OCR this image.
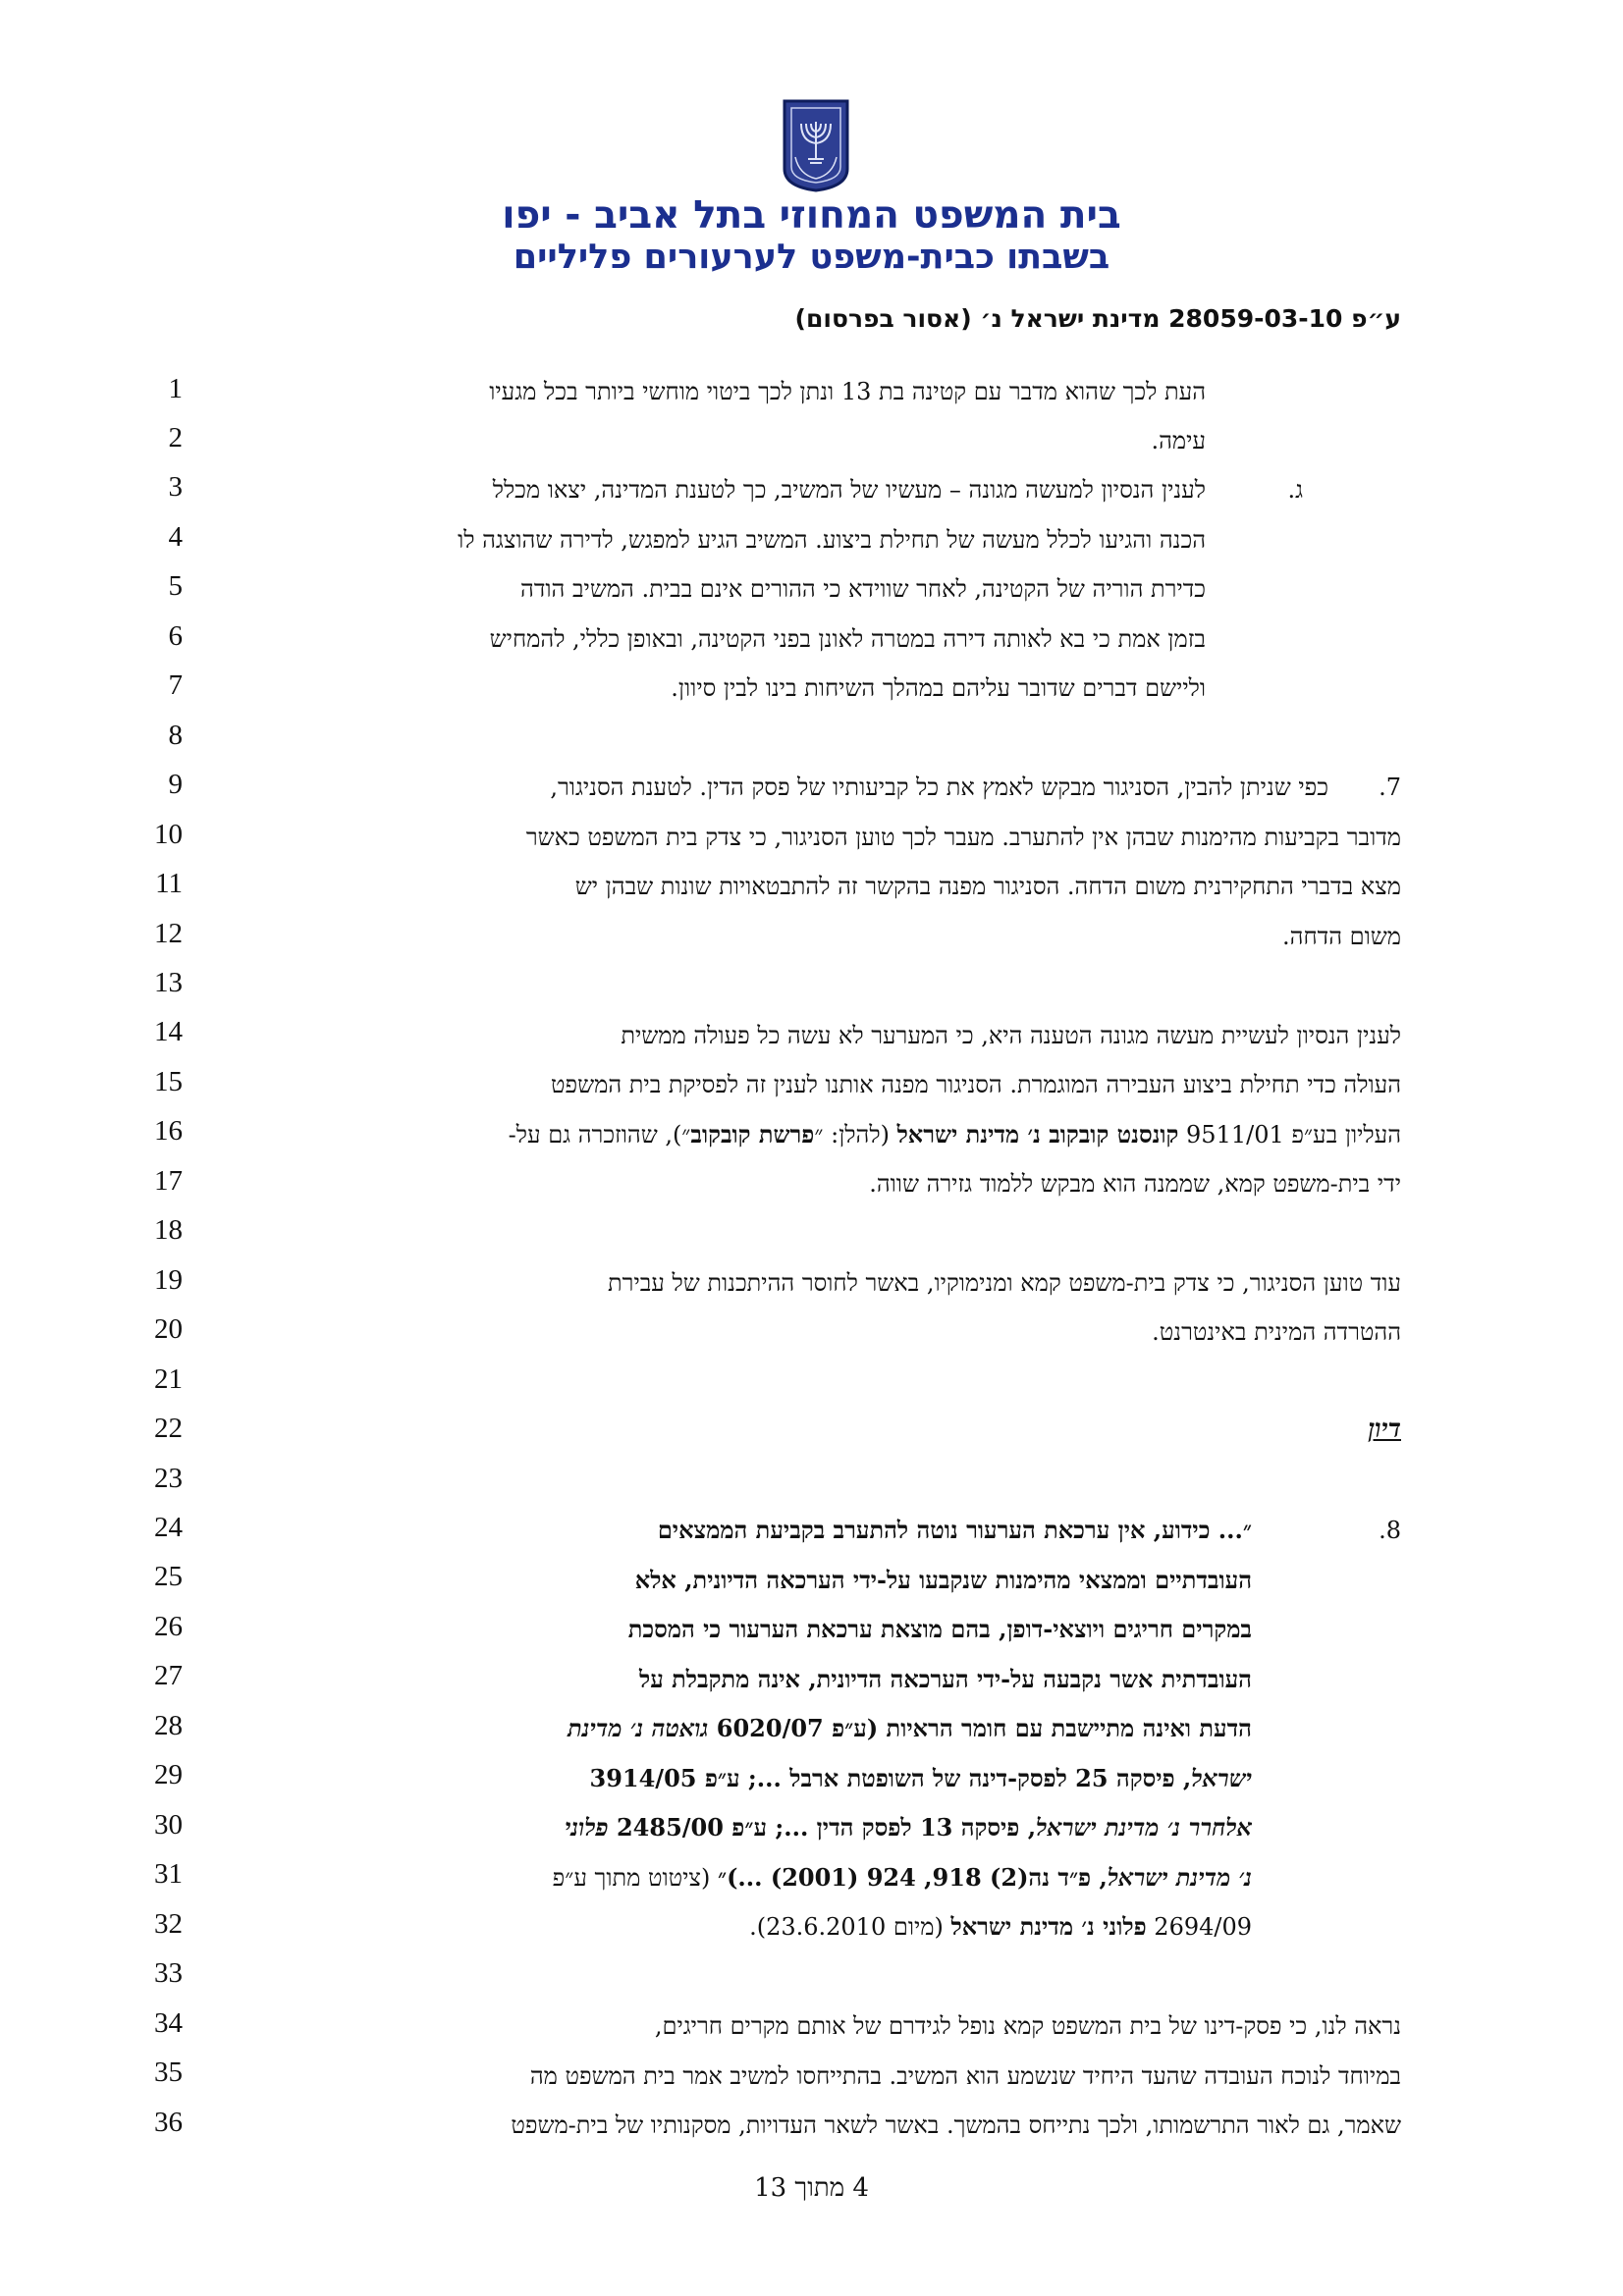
בית המשפט המחוזי בתל אביב - יפו
בשבתו כבית-משפט לערעורים פליליים
ע״פ 28059-03-10 מדינת ישראל נ׳ (אסור בפרסום)
1
2
3
4
5
6
7
8
9
10
11
12
13
14
15
16
17
18
19
20
21
22
23
24
25
26
27
28
29
30
31
32
33
34
35
36
ג.
7.
8.
העת לכך שהוא מדבר עם קטינה בת 13 ונתן לכך ביטוי מוחשי ביותר בכל מגעיו
עימה.
לענין הנסיון למעשה מגונה – מעשיו של המשיב, כך לטענת המדינה, יצאו מכלל
הכנה והגיעו לכלל מעשה של תחילת ביצוע. המשיב הגיע למפגש, לדירה שהוצגה לו
כדירת הוריה של הקטינה, לאחר שווידא כי ההורים אינם בבית. המשיב הודה
בזמן אמת כי בא לאותה דירה במטרה לאונן בפני הקטינה, ובאופן כללי, להמחיש
וליישם דברים שדובר עליהם במהלך השיחות בינו לבין סיוון.
כפי שניתן להבין, הסניגור מבקש לאמץ את כל קביעותיו של פסק הדין. לטענת הסניגור,
מדובר בקביעות מהימנות שבהן אין להתערב. מעבר לכך טוען הסניגור, כי צדק בית המשפט כאשר
מצא בדברי התחקירנית משום הדחה. הסניגור מפנה בהקשר זה להתבטאויות שונות שבהן יש
משום הדחה.
לענין הנסיון לעשיית מעשה מגונה הטענה היא, כי המערער לא עשה כל פעולה ממשית
העולה כדי תחילת ביצוע העבירה המוגמרת. הסניגור מפנה אותנו לענין זה לפסיקת בית המשפט
העליון בע״פ 9511/01 קונסנט קובקוב נ׳ מדינת ישראל (להלן: ״פרשת קובקוב״), שהוזכרה גם על-
ידי בית-משפט קמא, שממנה הוא מבקש ללמוד גזירה שווה.
עוד טוען הסניגור, כי צדק בית-משפט קמא ומנימוקיו, באשר לחוסר ההיתכנות של עבירת
ההטרדה המינית באינטרנט.
דיון
״... כידוע, אין ערכאת הערעור נוטה להתערב בקביעת הממצאים
העובדתיים וממצאי מהימנות שנקבעו על-ידי הערכאה הדיונית, אלא
במקרים חריגים ויוצאי-דופן, בהם מוצאת ערכאת הערעור כי המסכת
העובדתית אשר נקבעה על-ידי הערכאה הדיונית, אינה מתקבלת על
הדעת ואינה מתיישבת עם חומר הראיות (ע״פ 6020/07 גואטה נ׳ מדינת
ישראל, פיסקה 25 לפסק-דינה של השופטת ארבל ...; ע״פ 3914/05
אלחרר נ׳ מדינת ישראל, פיסקה 13 לפסק הדין ...; ע״פ 2485/00 פלוני
נ׳ מדינת ישראל, פ״ד נה(2) 918, 924 (2001) ...)״ (ציטוט מתוך ע״פ
2694/09 פלוני נ׳ מדינת ישראל (מיום 23.6.2010).
נראה לנו, כי פסק-דינו של בית המשפט קמא נופל לגידרם של אותם מקרים חריגים,
במיוחד לנוכח העובדה שהעד היחיד שנשמע הוא המשיב. בהתייחסו למשיב אמר בית המשפט מה
שאמר, גם לאור התרשמותו, ולכך נתייחס בהמשך. באשר לשאר העדויות, מסקנותיו של בית-משפט
4 מתוך 13
